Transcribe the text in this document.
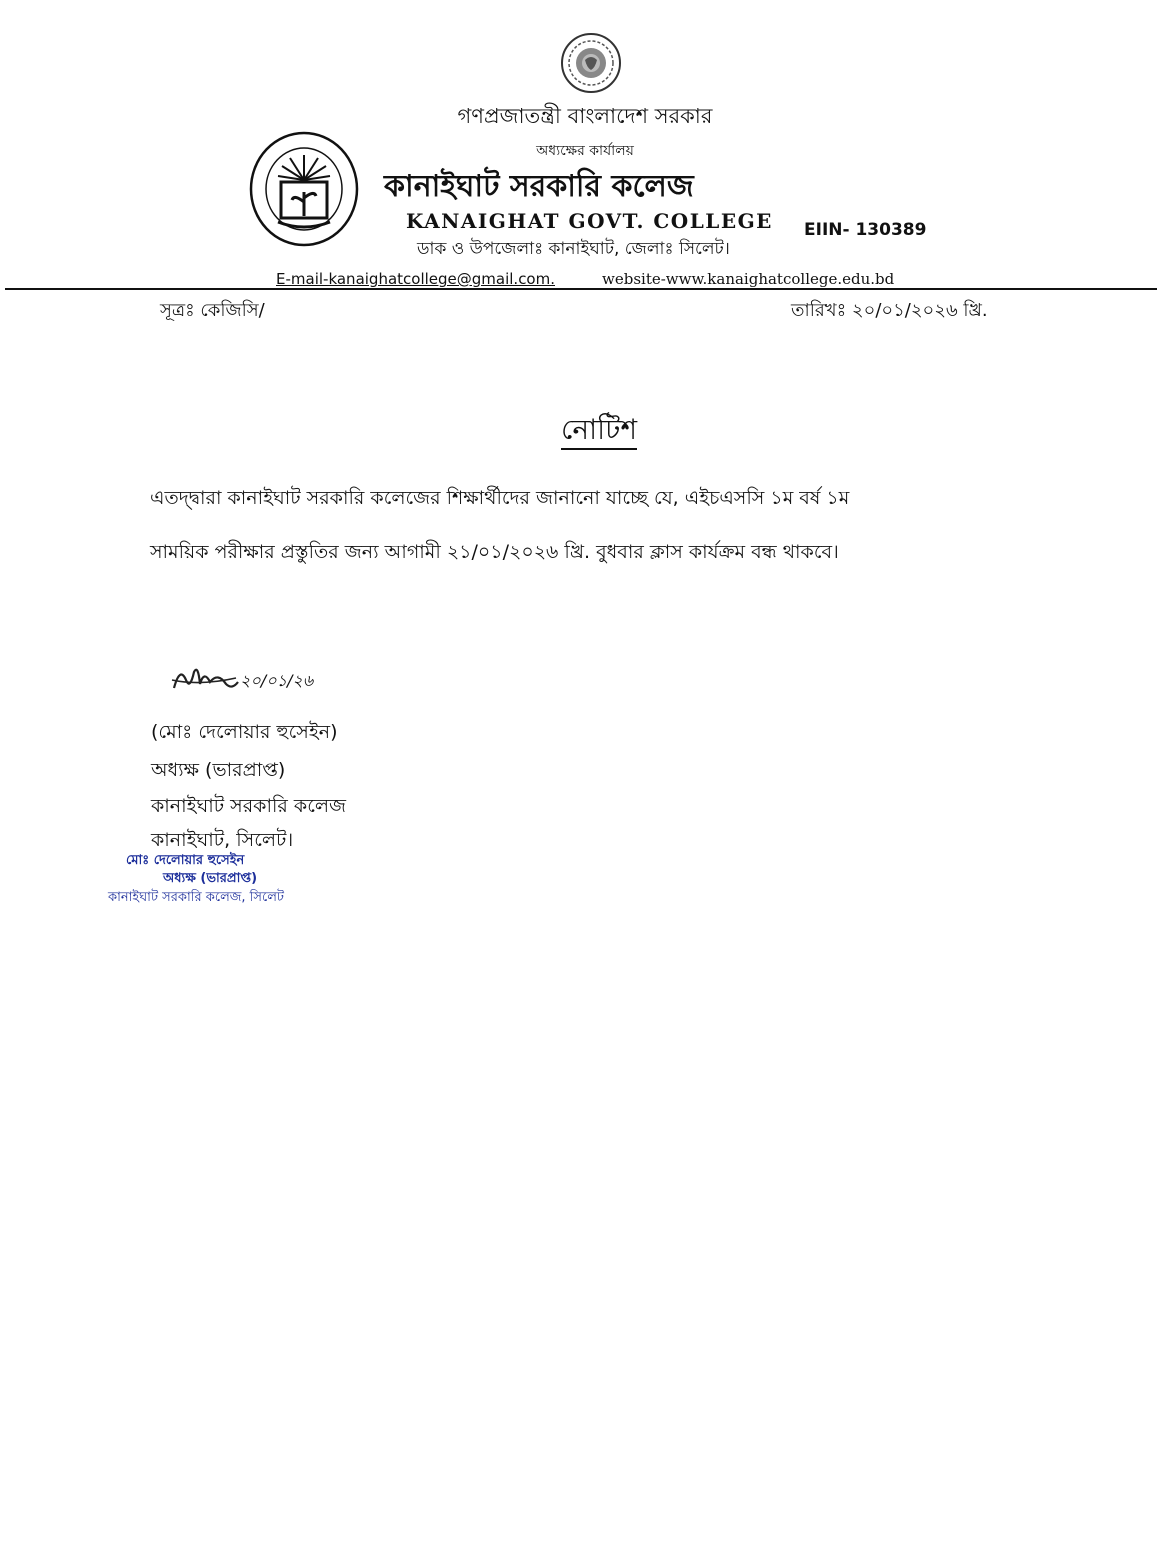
গণপ্রজাতন্ত্রী বাংলাদেশ সরকার
অধ্যক্ষের কার্যালয়
কানাইঘাট সরকারি কলেজ
KANAIGHAT GOVT. COLLEGE EIIN- 130389
ডাক ও উপজেলাঃ কানাইঘাট, জেলাঃ সিলেট।
E-mail-kanaighatcollege@gmail.com.	website-www.kanaighatcollege.edu.bd
সূত্রঃ কেজিসি/	তারিখঃ ২০/০১/২০২৬ খ্রি.
নোটিশ
এতদ্দ্বারা কানাইঘাট সরকারি কলেজের শিক্ষার্থীদের জানানো যাচ্ছে যে, এইচএসসি ১ম বর্ষ ১ম
সাময়িক পরীক্ষার প্রস্তুতির জন্য আগামী ২১/০১/২০২৬ খ্রি. বুধবার ক্লাস কার্যক্রম বন্ধ থাকবে।
২০/০১/২৬
(মোঃ দেলোয়ার হুসেইন)
অধ্যক্ষ (ভারপ্রাপ্ত)
কানাইঘাট সরকারি কলেজ
কানাইঘাট, সিলেট।
মোঃ দেলোয়ার হুসেইন
অধ্যক্ষ (ভারপ্রাপ্ত)
কানাইঘাট সরকারি কলেজ, সিলেট
